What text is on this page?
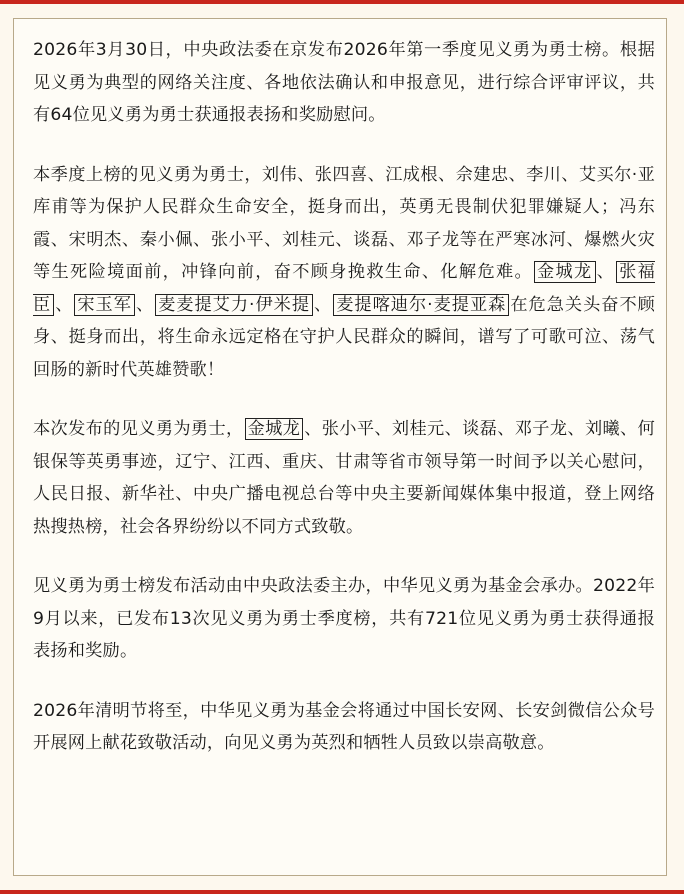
2026年3月30日，中央政法委在京发布2026年第一季度见义勇为勇士榜。根据见义勇为典型的网络关注度、各地依法确认和申报意见，进行综合评审评议，共有64位见义勇为勇士获通报表扬和奖励慰问。

本季度上榜的见义勇为勇士，刘伟、张四喜、江成根、佘建忠、李川、艾买尔·亚库甫等为保护人民群众生命安全，挺身而出，英勇无畏制伏犯罪嫌疑人；冯东霞、宋明杰、秦小佩、张小平、刘桂元、谈磊、邓子龙等在严寒冰河、爆燃火灾等生死险境面前，冲锋向前，奋不顾身挽救生命、化解危难。 金城龙 、 张福臣 、 宋玉军 、 麦麦提艾力·伊米提 、 麦提喀迪尔·麦提亚森 在危急关头奋不顾身、挺身而出，将生命永远定格在守护人民群众的瞬间，谱写了可歌可泣、荡气回肠的新时代英雄赞歌！

本次发布的见义勇为勇士， 金城龙 、张小平、刘桂元、谈磊、邓子龙、刘曦、何银保等英勇事迹，辽宁、江西、重庆、甘肃等省市领导第一时间予以关心慰问，人民日报、新华社、中央广播电视总台等中央主要新闻媒体集中报道，登上网络热搜热榜，社会各界纷纷以不同方式致敬。

见义勇为勇士榜发布活动由中央政法委主办，中华见义勇为基金会承办。2022年9月以来，已发布13次见义勇为勇士季度榜，共有721位见义勇为勇士获得通报表扬和奖励。

2026年清明节将至，中华见义勇为基金会将通过中国长安网、长安剑微信公众号开展网上献花致敬活动，向见义勇为英烈和牺牲人员致以崇高敬意。
